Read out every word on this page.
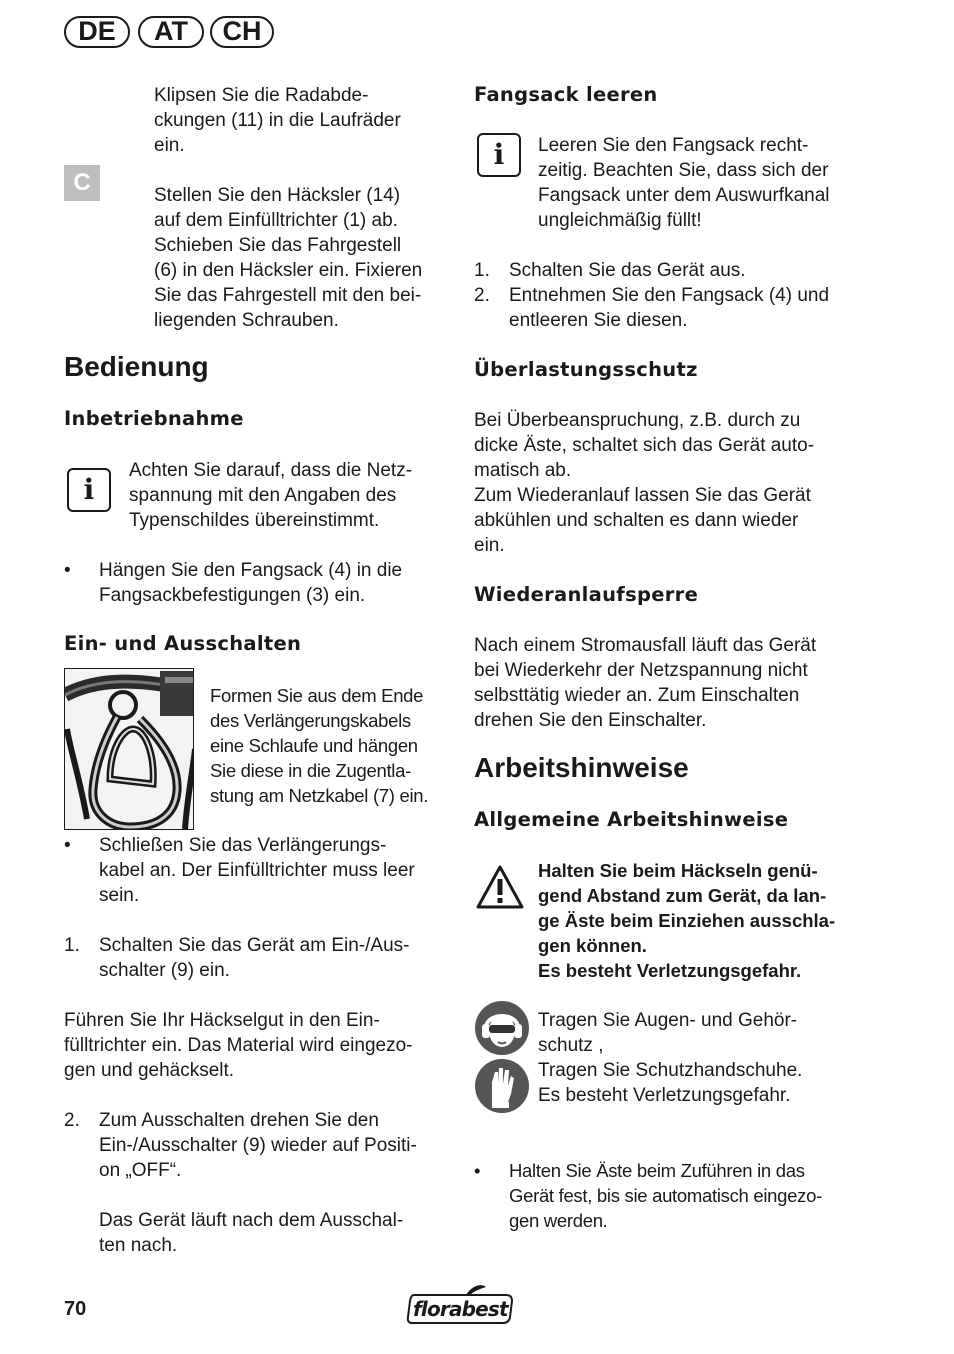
DE	AT	CH

Klipsen Sie die Radabde-

ckungen (11) in die Laufräder

ein.

C	Stellen Sie den Häcksler (14)

auf dem Einfülltrichter (1) ab.

Schieben Sie das Fahrgestell

(6) in den Häcksler ein. Fixieren

Sie das Fahrgestell mit den bei-

liegenden Schrauben.

Bedienung
Inbetriebnahme
i

Achten Sie darauf, dass die Netz-

spannung mit den Angaben des

Typenschildes übereinstimmt.

• Hängen Sie den Fangsack (4) in die

Fangsackbefestigungen (3) ein.

Ein- und Ausschalten

Formen Sie aus dem Ende

des Verlängerungskabels

eine Schlaufe und hängen

Sie diese in die Zugentla-

stung am Netzkabel (7) ein.

• Schließen Sie das Verlängerungs-

kabel an. Der Einfülltrichter muss leer

sein.

1. Schalten Sie das Gerät am Ein-/Aus-

schalter (9) ein.

Führen Sie Ihr Häckselgut in den Ein-

fülltrichter ein. Das Material wird eingezo-

gen und gehäckselt.

2. Zum Ausschalten drehen Sie den

Ein-/Ausschalter (9) wieder auf Positi-

on „OFF“.

Das Gerät läuft nach dem Ausschal-

ten nach.

Fangsack leeren
i	Leeren Sie den Fangsack recht-

zeitig. Beachten Sie, dass sich der

Fangsack unter dem Auswurfkanal

ungleichmäßig füllt!

1. Schalten Sie das Gerät aus.

2. Entnehmen Sie den Fangsack (4) und

entleeren Sie diesen.

Überlastungsschutz

Bei Überbeanspruchung, z.B. durch zu

dicke Äste, schaltet sich das Gerät auto-

matisch ab.

Zum Wiederanlauf lassen Sie das Gerät

abkühlen und schalten es dann wieder

ein.

Wiederanlaufsperre

Nach einem Stromausfall läuft das Gerät

bei Wiederkehr der Netzspannung nicht

selbsttätig wieder an. Zum Einschalten

drehen Sie den Einschalter.

Arbeitshinweise
Allgemeine Arbeitshinweise

Halten Sie beim Häckseln genü-

gend Abstand zum Gerät, da lan-

ge Äste beim Einziehen ausschla-

gen können.

Es besteht Verletzungsgefahr.

Tragen Sie Augen- und Gehör-

schutz ,

Tragen Sie Schutzhandschuhe.

Es besteht Verletzungsgefahr.

• Halten Sie Äste beim Zuführen in das

Gerät fest, bis sie automatisch eingezo-

gen werden.

70	florabest
